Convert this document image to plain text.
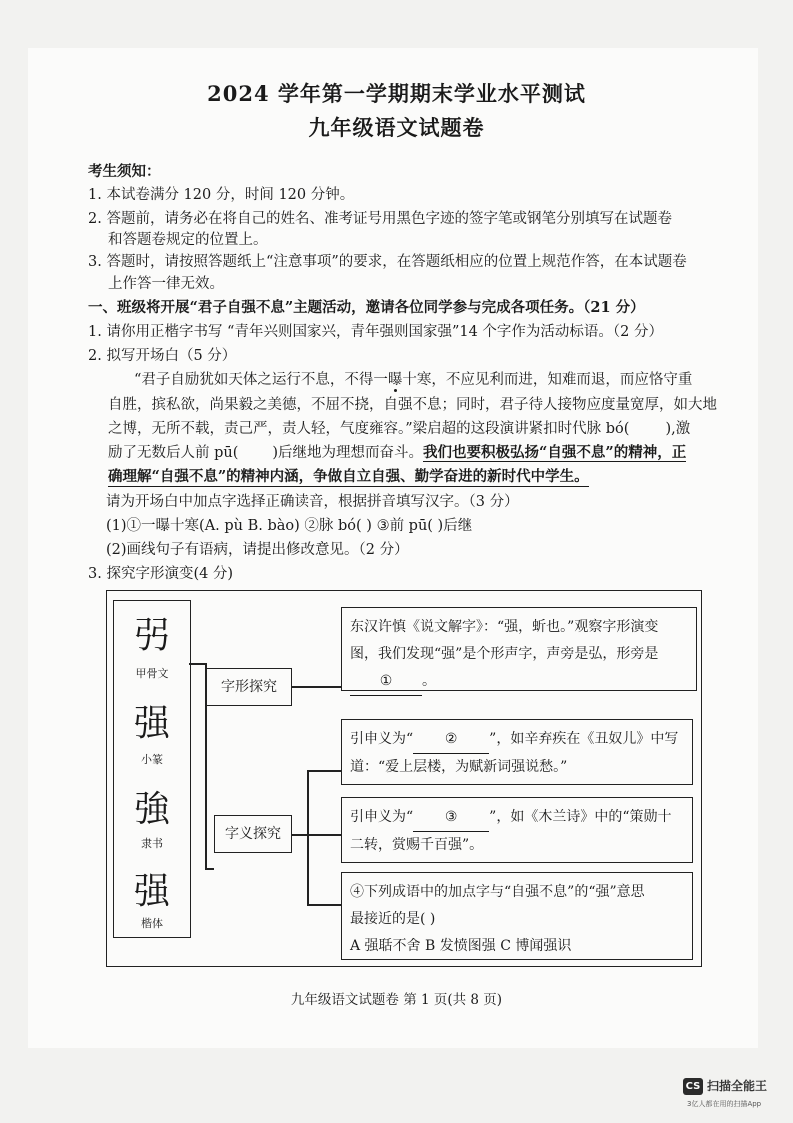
2024 学年第一学期期末学业水平测试
九年级语文试题卷
考生须知：
1. 本试卷满分 120 分，时间 120 分钟。
2. 答题前，请务必在将自己的姓名、准考证号用黑色字迹的签字笔或钢笔分别填写在试题卷
和答题卷规定的位置上。
3. 答题时，请按照答题纸上“注意事项”的要求，在答题纸相应的位置上规范作答，在本试题卷
上作答一律无效。
一、班级将开展“君子自强不息”主题活动，邀请各位同学参与完成各项任务。（21 分）
1. 请你用正楷字书写 “青年兴则国家兴，青年强则国家强”14 个字作为活动标语。（2 分）
2. 拟写开场白（5 分）
“君子自励犹如天体之运行不息，不得一曝十寒，不应见利而进，知难而退，而应恪守重
自胜，摈私欲，尚果毅之美德，不屈不挠，自强不息；同时，君子待人接物应度量宽厚，如大地
之博，无所不载，责己严，责人轻，气度雍容。”梁启超的这段演讲紧扣时代脉 bó( ),激
励了无数后人前 pū( )后继地为理想而奋斗。我们也要积极弘扬“自强不息”的精神，正
确理解“自强不息”的精神内涵，争做自立自强、勤学奋进的新时代中学生。
请为开场白中加点字选择正确读音，根据拼音填写汉字。（3 分）
(1)①一曝十寒(A. pù B. bào) ②脉 bó( ) ③前 pū( )后继
(2)画线句子有语病，请提出修改意见。（2 分）
3. 探究字形演变(4 分)
弜
甲骨文
强
小篆
強
隶书
强
楷体
字形探究
字义探究
东汉许慎《说文解字》：“强，蚚也。”观察字形演变
图，我们发现“强”是个形声字，声旁是弘，形旁是
① 。
引申义为“ ② ”，如辛弃疾在《丑奴儿》中写
道：“爱上层楼，为赋新词强说愁。”
引申义为“ ③ ”，如《木兰诗》中的“策勋十
二转，赏赐千百强”。
④下列成语中的加点字与“自强不息”的“强”意思
最接近的是( )
A 强聒不舍 B 发愤图强 C 博闻强识
九年级语文试题卷 第 1 页(共 8 页)
CS 扫描全能王
3亿人都在用的扫描App
